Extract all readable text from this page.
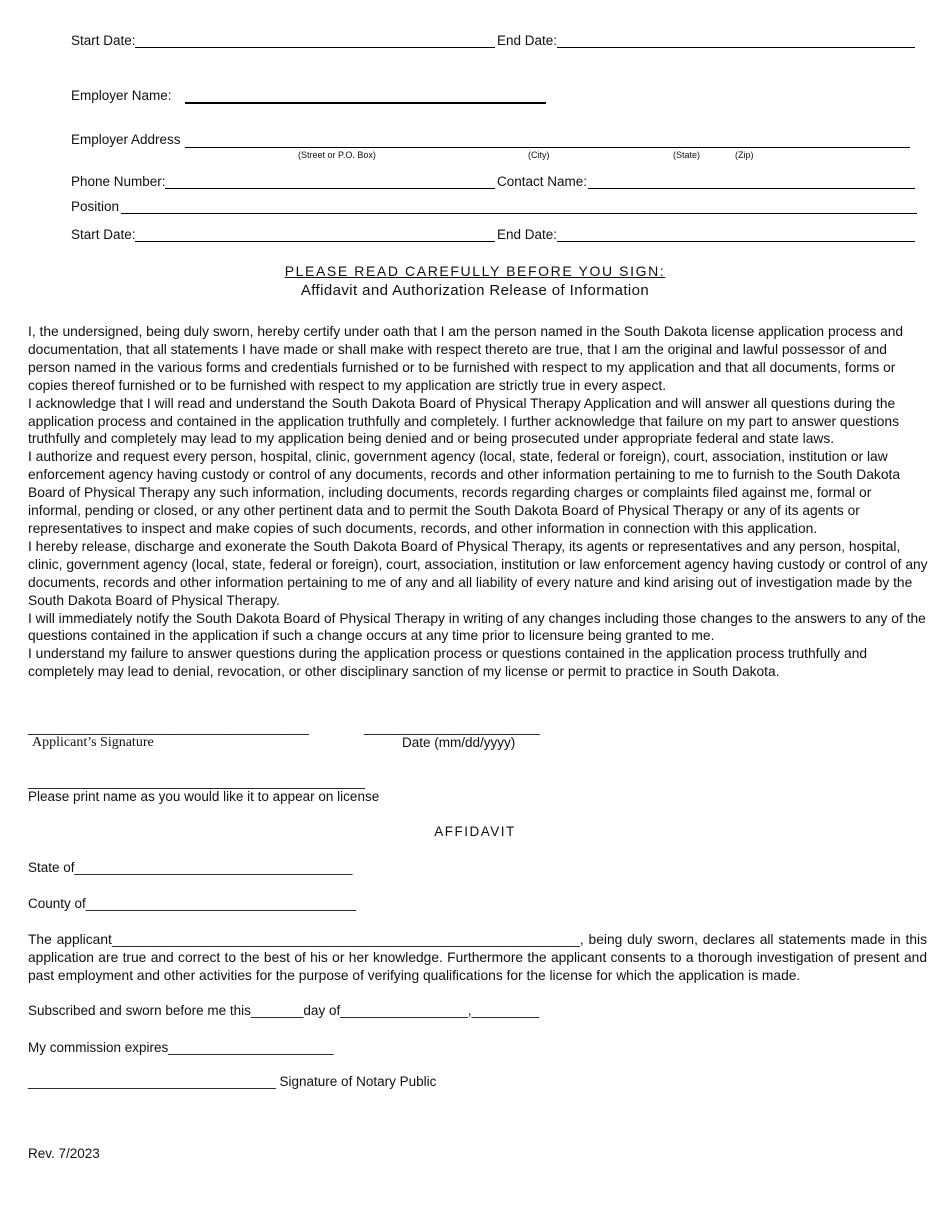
Start Date:	End Date:
Employer Name:
Employer Address
(Street or P.O. Box)	(City)	(State)	(Zip)
Phone Number:	Contact Name:
Position
Start Date:	End Date:
PLEASE READ CAREFULLY BEFORE YOU SIGN:
Affidavit and Authorization Release of Information

I, the undersigned, being duly sworn, hereby certify under oath that I am the person named in the South Dakota license application process and documentation, that all statements I have made or shall make with respect thereto are true, that I am the original and lawful possessor of and person named in the various forms and credentials furnished or to be furnished with respect to my application and that all documents, forms or copies thereof furnished or to be furnished with respect to my application are strictly true in every aspect.

I acknowledge that I will read and understand the South Dakota Board of Physical Therapy Application and will answer all questions during the application process and contained in the application truthfully and completely. I further acknowledge that failure on my part to answer questions truthfully and completely may lead to my application being denied and or being prosecuted under appropriate federal and state laws.

I authorize and request every person, hospital, clinic, government agency (local, state, federal or foreign), court, association, institution or law enforcement agency having custody or control of any documents, records and other information pertaining to me to furnish to the South Dakota Board of Physical Therapy any such information, including documents, records regarding charges or complaints filed against me, formal or informal, pending or closed, or any other pertinent data and to permit the South Dakota Board of Physical Therapy or any of its agents or representatives to inspect and make copies of such documents, records, and other information in connection with this application.

I hereby release, discharge and exonerate the South Dakota Board of Physical Therapy, its agents or representatives and any person, hospital, clinic, government agency (local, state, federal or foreign), court, association, institution or law enforcement agency having custody or control of any documents, records and other information pertaining to me of any and all liability of every nature and kind arising out of investigation made by the South Dakota Board of Physical Therapy.

I will immediately notify the South Dakota Board of Physical Therapy in writing of any changes including those changes to the answers to any of the questions contained in the application if such a change occurs at any time prior to licensure being granted to me.

I understand my failure to answer questions during the application process or questions contained in the application process truthfully and completely may lead to denial, revocation, or other disciplinary sanction of my license or permit to practice in South Dakota.

________________________________________	_________________________
Applicant’s Signature	Date (mm/dd/yyyy)
________________________________________________
Please print name as you would like it to appear on license
AFFIDAVIT
State of_____________________________________
County of____________________________________
The applicant_____________________________________________________________, being duly sworn, declares all statements made in this application are true and correct to the best of his or her knowledge. Furthermore the applicant consents to a thorough investigation of present and past employment and other activities for the purpose of verifying qualifications for the license for which the application is made.
Subscribed and sworn before me this_______day of_________________,_________
My commission expires______________________
_________________________________ Signature of Notary Public
Rev. 7/2023
